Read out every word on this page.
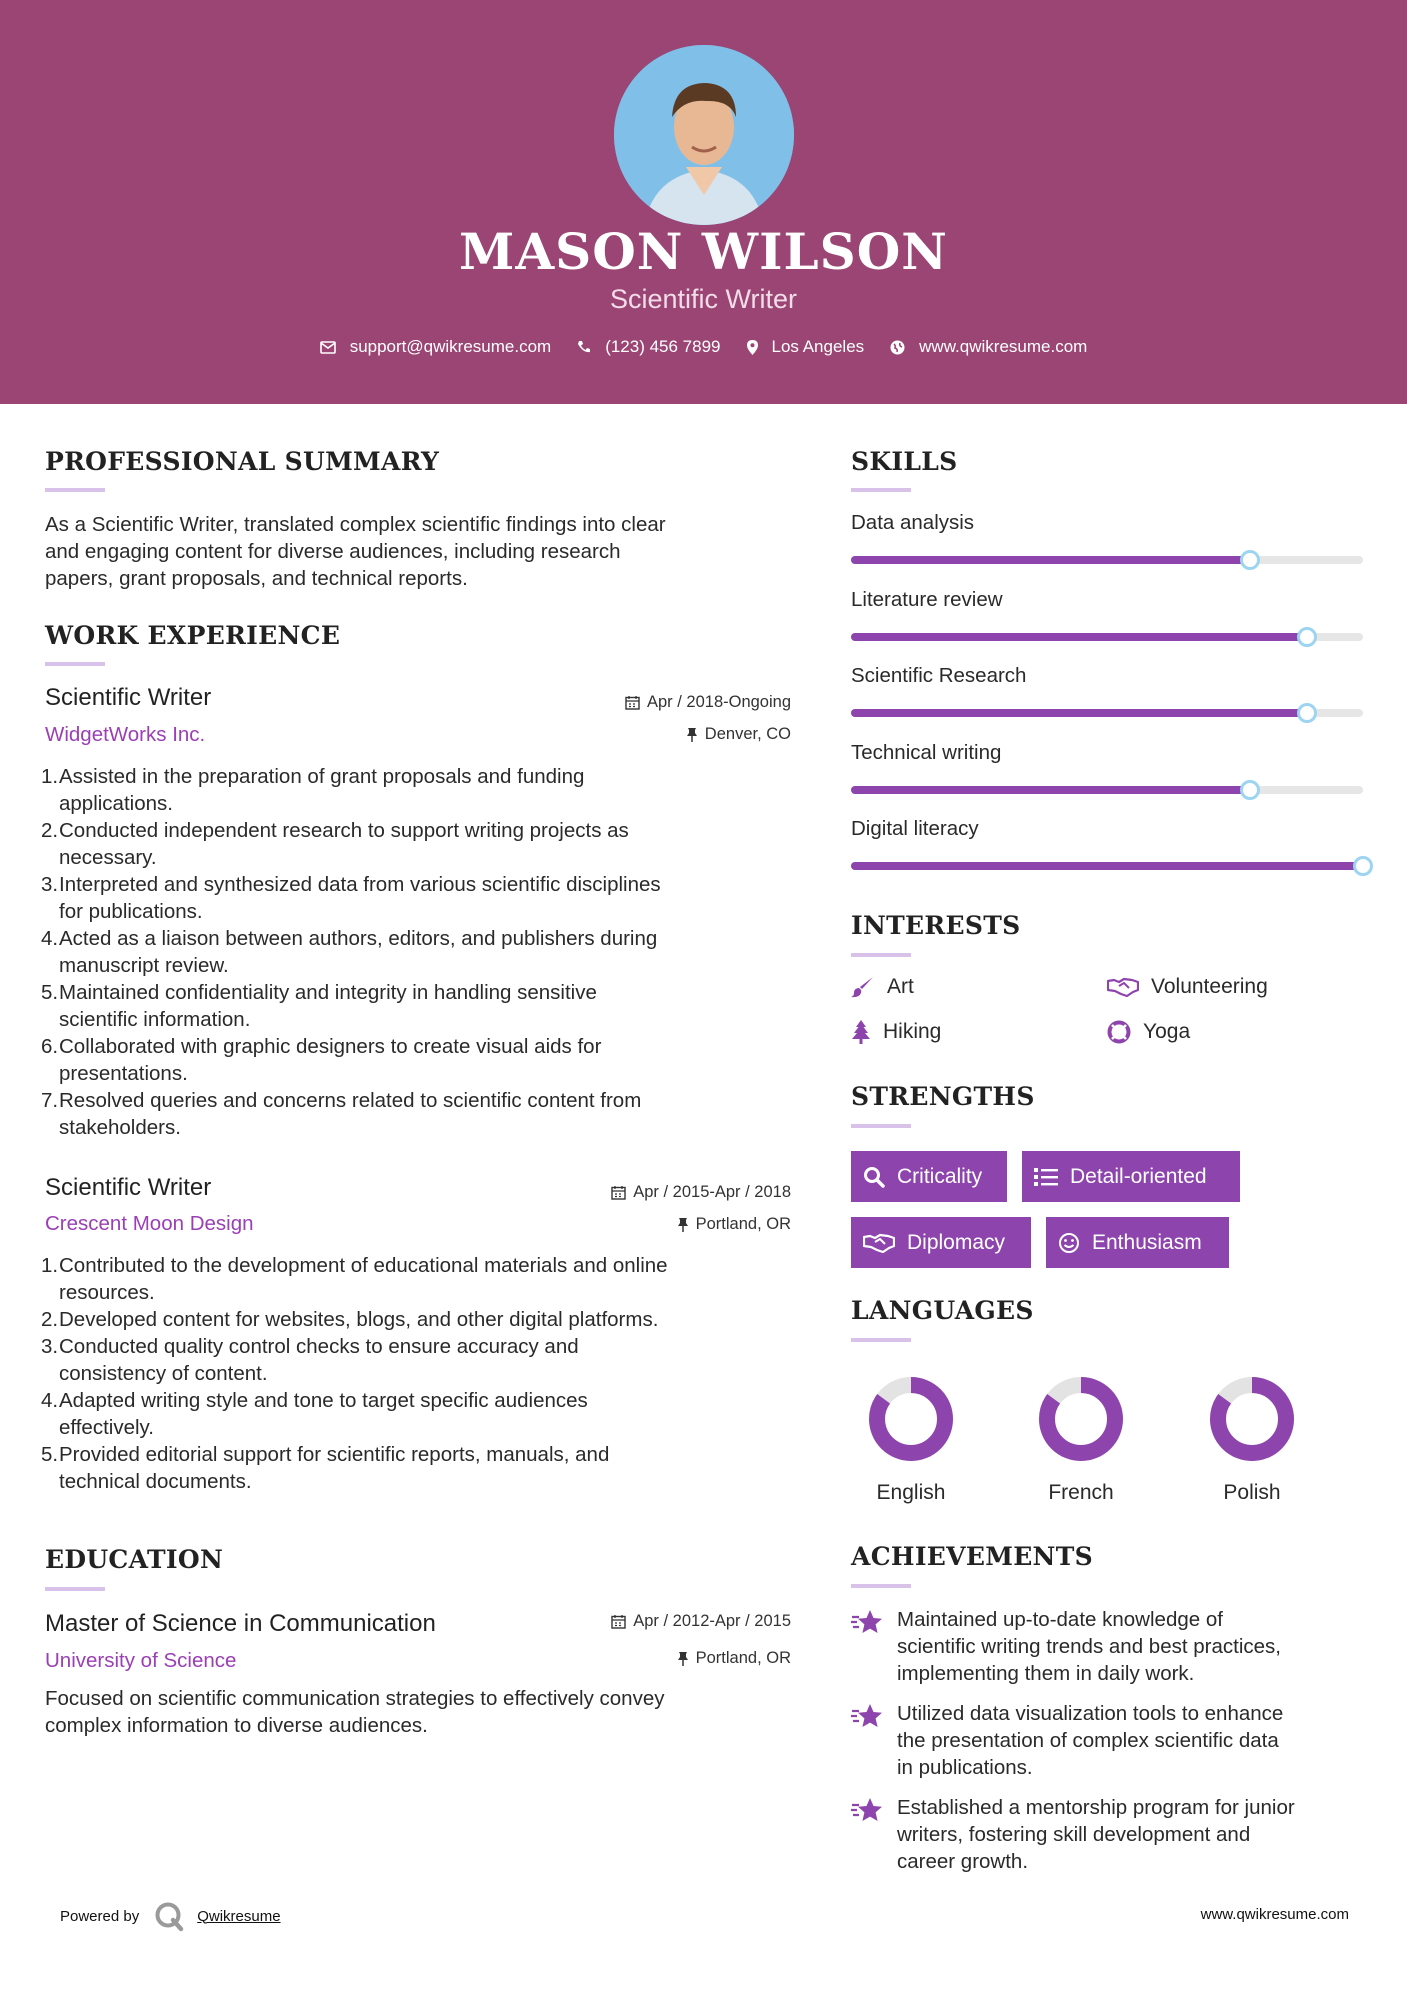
MASON WILSON
Scientific Writer
support@qwikresume.com	(123) 456 7899	Los Angeles	www.qwikresume.com
PROFESSIONAL SUMMARY
As a Scientific Writer, translated complex scientific findings into clear
and engaging content for diverse audiences, including research
papers, grant proposals, and technical reports.
WORK EXPERIENCE
Scientific Writer
WidgetWorks Inc.
Apr / 2018-Ongoing
Denver, CO
1. Assisted in the preparation of grant proposals and funding
applications.
2. Conducted independent research to support writing projects as
necessary.
3. Interpreted and synthesized data from various scientific disciplines
for publications.
4. Acted as a liaison between authors, editors, and publishers during
manuscript review.
5. Maintained confidentiality and integrity in handling sensitive
scientific information.
6. Collaborated with graphic designers to create visual aids for
presentations.
7. Resolved queries and concerns related to scientific content from
stakeholders.
Scientific Writer
Crescent Moon Design
Apr / 2015-Apr / 2018
Portland, OR
1. Contributed to the development of educational materials and online
resources.
2. Developed content for websites, blogs, and other digital platforms.
3. Conducted quality control checks to ensure accuracy and
consistency of content.
4. Adapted writing style and tone to target specific audiences
effectively.
5. Provided editorial support for scientific reports, manuals, and
technical documents.
EDUCATION
Master of Science in Communication
University of Science
Apr / 2012-Apr / 2015
Portland, OR
Focused on scientific communication strategies to effectively convey
complex information to diverse audiences.
SKILLS
Data analysis
Literature review
Scientific Research
Technical writing
Digital literacy
INTERESTS
Art	Volunteering
Hiking	Yoga
STRENGTHS
Criticality	Detail-oriented
Diplomacy	Enthusiasm
LANGUAGES
English	French	Polish
ACHIEVEMENTS
Maintained up-to-date knowledge of
scientific writing trends and best practices,
implementing them in daily work.
Utilized data visualization tools to enhance
the presentation of complex scientific data
in publications.
Established a mentorship program for junior
writers, fostering skill development and
career growth.
Powered by	Qwikresume	www.qwikresume.com
